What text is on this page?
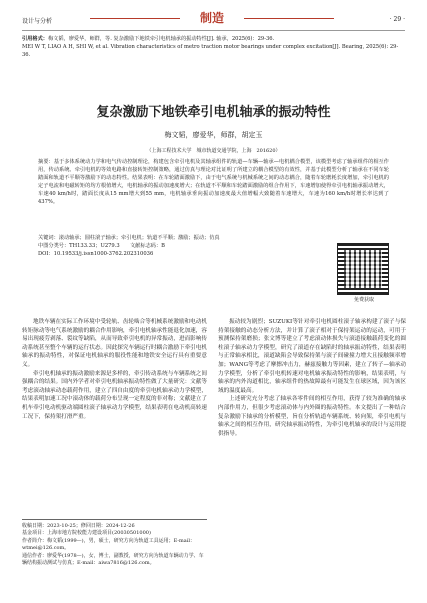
设计与分析	制造	· 29 ·
引用格式：梅文韬，廖爱华，师群，等. 复杂激励下地铁牵引电机轴承的振动特性[J]. 轴承，2025(6)：29-36.
MEI W T, LIAO A H, SHI W, et al. Vibration characteristics of metro traction motor bearings under complex excitation[J]. Bearing, 2025(6): 29-36.
复杂激励下地铁牵引电机轴承的振动特性
梅文韬，廖爱华，师群，胡定玉
（上海工程技术大学　城市轨道交通学院，上海　201620）
摘要：基于多体系统动力学和电气传动控制理论，构建包含牵引电机及其轴承组件的轨道—车辆—轴承—电机耦合模型，该模型考虑了轴承组件的相互作用，传动系统、牵引电机的等效电路和直接转矩控制策略，通过仿真与理论对比证明了所建立的耦合模型的有效性，并基于此模型分析了轴承在不同车轮踏面和轨道不平顺等激励下的动态特性。结果表明：在车轮踏面激励下，由于电气系统与机械系统之间的动态耦合，随着车轮磨耗长度增加，牵引电机的定子电流和电磁转矩的均方根值增大，电机轴承的振动加速度增大；在轨道不平顺和车轮踏面激励的组合作用下，车速增加使得牵引电机轴承振动增大，车速40 km/h时，踏面长度从15 mm增大到55 mm，电机轴承垂向振动加速度最大值增幅大致随着车速增大，车速为160 km/h时增长率达到了437%。
关键词：滚动轴承；圆柱滚子轴承；牵引电机；轨道不平顺；激励；振动；仿真
中图分类号：TH133.33；U279.3　　文献标志码：B
DOI：10.19533/j.issn1000-3762.202310036
免费获取

地铁车辆在实际工作环境中受轮轨、齿轮啮合等机械系统激励和电动机转矩脉动等电气系统激励的耦合作用影响，牵引电机轴承性能退化加速，容易出现疲劳剥落、裂纹等缺陷，从而导致牵引电机的异常振动，进而影响传动系统甚至整个车辆的运行状态。因此探究车辆运行时耦合激励下牵引电机轴承的振动特性，对保证电机轴承的服役性能和地铁安全运行具有重要意义。

牵引电机轴承的振动激励来源是多样的，牵引传动系统与车辆系统之间强耦合的结果。国内外学者对牵引电机轴承振动特性做了大量研究：文献等考虑滚动轴承动态载荷作用，建立了四自由度的牵引电机轴承动力学模型，结果表明加速工况中滚动体的载荷分布呈现一定程度的非对称；文献建立了机车牵引电动机驱动端圆柱滚子轴承动力学模型，结果表明在电动机高转速工况下，保持架打滑严重。

振动较为剧烈；SUZUKI等针对牵引电机圆柱滚子轴承构建了滚子与保持架接触的动态分析方法，并计算了滚子相对于保持架运动的运动，可用于预测保持架磨损；张文博等建立了考虑滚动体损失与滚道接触载荷变化的圆柱滚子轴承动力学模型，研究了滚道存在缺陷时的轴承振动特性，结果表明与正常轴承相比，滚道缺陷会导致保持架与滚子间碰撞力增大且接触频率增加；WANG等考虑了摩擦冲击力，赫兹接触力等因素，建立了转子—轴承动力学模型，分析了牵引电机转速对电机轴承振动特性的影响，结果表明，与轴承的内外沟道相比，轴承组件的热故障最有可能发生在球区域，因为该区域的温度最高。

上述研究充分考虑了轴承各零件间的相互作用，获得了较为准确的轴承内部作用力，但很少考虑滚动体与内外圈的振动特性。本文提出了一种结合复杂激励下轴承的分析模型，旨在分析轨道车辆系统、转向架，牵引电机与轴承之间的相互作用，研究轴承振动特性，为牵引电机轴承的设计与运用提供指导。

收稿日期：2023-10-25；修回日期：2024-12-26
基金项目：上海市地方院校能力建设项目(20030501000)
作者简介：梅文韬(1999—)，男，硕士，研究方向为轨道工具运用；E-mail：wtmei@126.com。
通信作者：廖爱华(1978—)，女，博士，副教授，研究方向为轨道车辆动力学、车辆结构振动测试与仿真；E-mail：aiwa7816@126.com。
